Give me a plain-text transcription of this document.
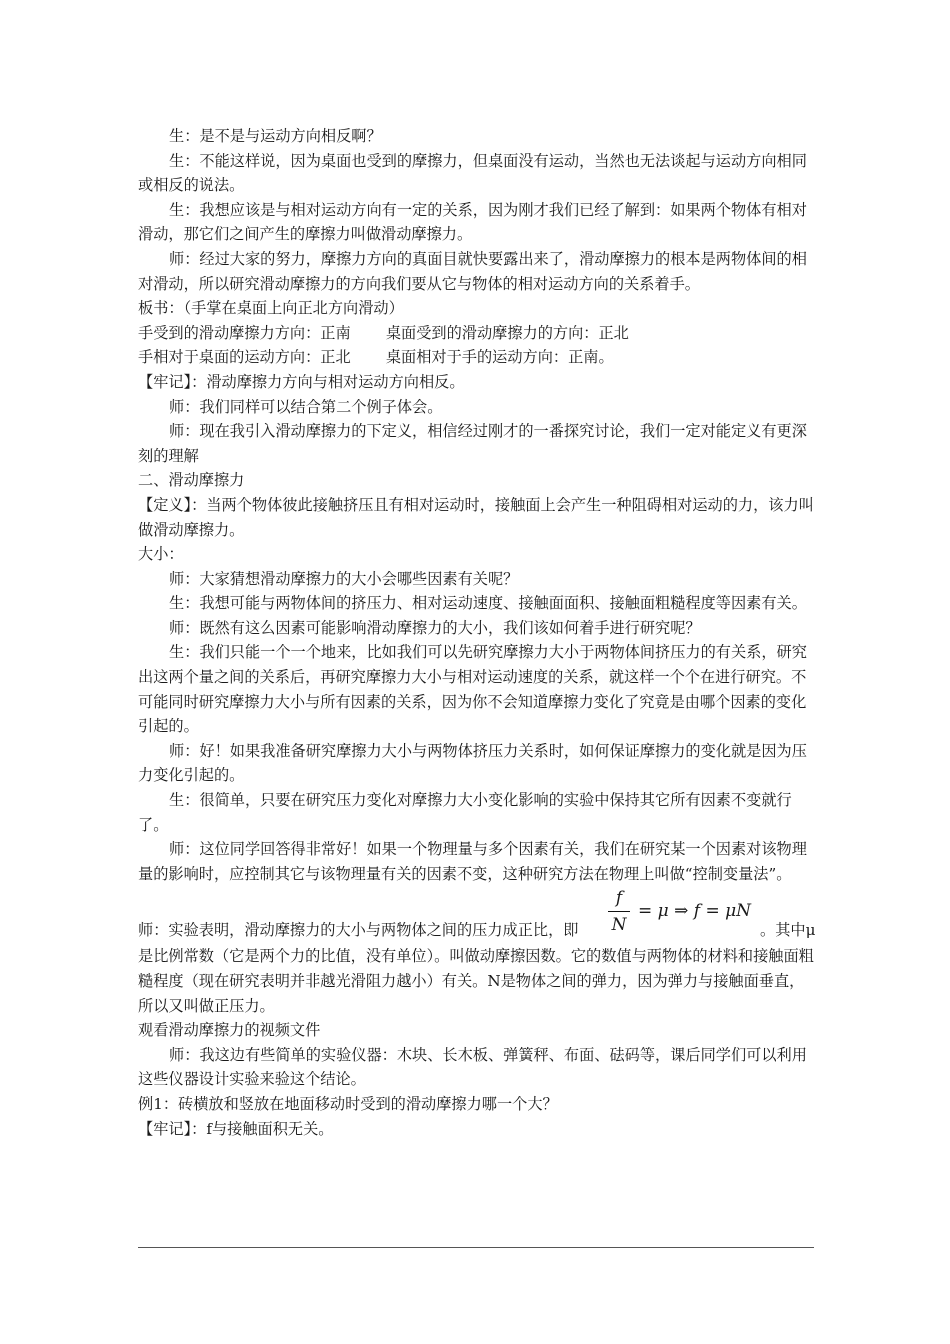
生：是不是与运动方向相反啊？

生：不能这样说，因为桌面也受到的摩擦力，但桌面没有运动，当然也无法谈起与运动方向相同或相反的说法。

生：我想应该是与相对运动方向有一定的关系，因为刚才我们已经了解到：如果两个物体有相对滑动，那它们之间产生的摩擦力叫做滑动摩擦力。

师：经过大家的努力，摩擦力方向的真面目就快要露出来了，滑动摩擦力的根本是两物体间的相对滑动，所以研究滑动摩擦力的方向我们要从它与物体的相对运动方向的关系着手。

板书：（手掌在桌面上向正北方向滑动）

手受到的滑动摩擦力方向：正南　　 桌面受到的滑动摩擦力的方向：正北

手相对于桌面的运动方向：正北　　 桌面相对于手的运动方向：正南。

【牢记】：滑动摩擦力方向与相对运动方向相反。

师：我们同样可以结合第二个例子体会。

师：现在我引入滑动摩擦力的下定义，相信经过刚才的一番探究讨论，我们一定对能定义有更深刻的理解

二、滑动摩擦力

【定义】：当两个物体彼此接触挤压且有相对运动时，接触面上会产生一种阻碍相对运动的力，该力叫做滑动摩擦力。

大小：

师：大家猜想滑动摩擦力的大小会哪些因素有关呢？

生：我想可能与两物体间的挤压力、相对运动速度、接触面面积、接触面粗糙程度等因素有关。

师：既然有这么因素可能影响滑动摩擦力的大小，我们该如何着手进行研究呢？

生：我们只能一个一个地来，比如我们可以先研究摩擦力大小于两物体间挤压力的有关系，研究出这两个量之间的关系后，再研究摩擦力大小与相对运动速度的关系，就这样一个个在进行研究。不可能同时研究摩擦力大小与所有因素的关系，因为你不会知道摩擦力变化了究竟是由哪个因素的变化引起的。

师：好！如果我准备研究摩擦力大小与两物体挤压力关系时，如何保证摩擦力的变化就是因为压力变化引起的。

生：很简单，只要在研究压力变化对摩擦力大小变化影响的实验中保持其它所有因素不变就行了。

师：这位同学回答得非常好！如果一个物理量与多个因素有关，我们在研究某一个因素对该物理量的影响时，应控制其它与该物理量有关的因素不变，这种研究方法在物理上叫做“控制变量法”。

师：实验表明，滑动摩擦力的大小与两物体之间的压力成正比，即
f
N
= μ ⇒ f = μN
。其中μ

是比例常数（它是两个力的比值，没有单位）。叫做动摩擦因数。它的数值与两物体的材料和接触面粗糙程度（现在研究表明并非越光滑阻力越小）有关。N是物体之间的弹力，因为弹力与接触面垂直，所以又叫做正压力。

观看滑动摩擦力的视频文件

师：我这边有些简单的实验仪器：木块、长木板、弹簧秤、布面、砝码等，课后同学们可以利用这些仪器设计实验来验这个结论。

例1：砖横放和竖放在地面移动时受到的滑动摩擦力哪一个大？

【牢记】：f与接触面积无关。
